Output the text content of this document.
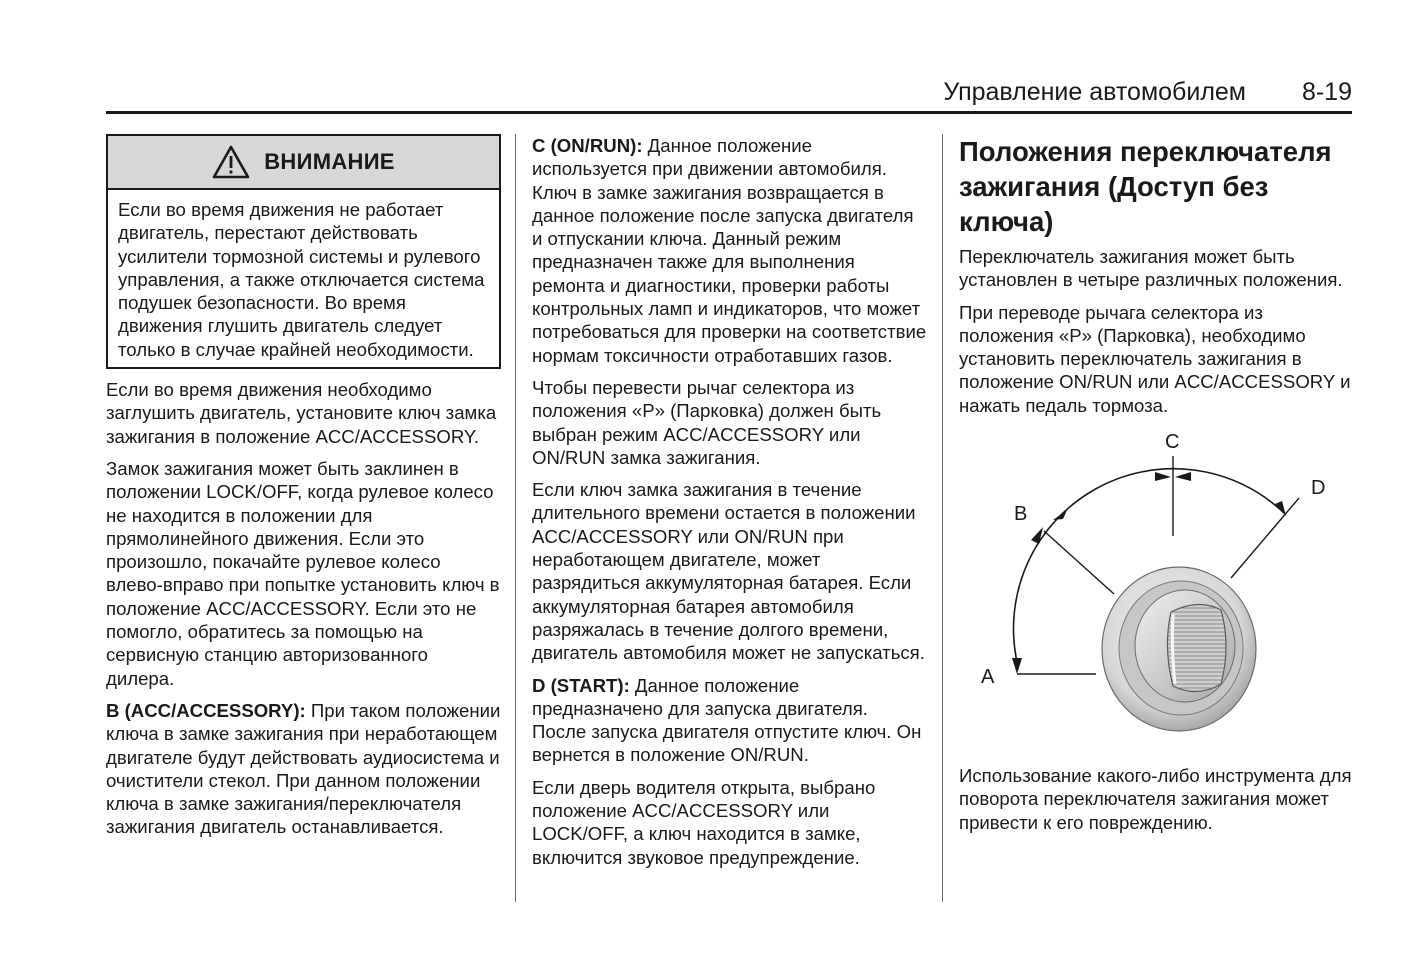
Управление автомобилем 8-19
ВНИМАНИЕ
Если во время движения не работает двигатель, перестают действовать усилители тормозной системы и рулевого управления, а также отключается система подушек безопасности. Во время движения глушить двигатель следует только в случае крайней необходимости.

Если во время движения необходимо заглушить двигатель, установите ключ замка зажигания в положение ACC/ACCESSORY.

Замок зажигания может быть заклинен в положении LOCK/OFF, когда рулевое колесо не находится в положении для прямолинейного движения. Если это произошло, покачайте рулевое колесо влево-вправо при попытке установить ключ в положение ACC/ACCESSORY. Если это не помогло, обратитесь за помощью на сервисную станцию авторизованного дилера.

B (ACC/ACCESSORY): При таком положении ключа в замке зажигания при неработающем двигателе будут действовать аудиосистема и очистители стекол. При данном положении ключа в замке зажигания/переключателя зажигания двигатель останавливается.

C (ON/RUN): Данное положение используется при движении автомобиля. Ключ в замке зажигания возвращается в данное положение после запуска двигателя и отпускании ключа. Данный режим предназначен также для выполнения ремонта и диагностики, проверки работы контрольных ламп и индикаторов, что может потребоваться для проверки на соответствие нормам токсичности отработавших газов.

Чтобы перевести рычаг селектора из положения «P» (Парковка) должен быть выбран режим ACC/ACCESSORY или ON/RUN замка зажигания.

Если ключ замка зажигания в течение длительного времени остается в положении ACC/ACCESSORY или ON/RUN при неработающем двигателе, может разрядиться аккумуляторная батарея. Если аккумуляторная батарея автомобиля разряжалась в течение долгого времени, двигатель автомобиля может не запускаться.

D (START): Данное положение предназначено для запуска двигателя. После запуска двигателя отпустите ключ. Он вернется в положение ON/RUN.

Если дверь водителя открыта, выбрано положение ACC/ACCESSORY или LOCK/OFF, а ключ находится в замке, включится звуковое предупреждение.

Положения переключателя зажигания (Доступ без ключа)

Переключатель зажигания может быть установлен в четыре различных положения.

При переводе рычага селектора из положения «P» (Парковка), необходимо установить переключатель зажигания в положение ON/RUN или ACC/ACCESSORY и нажать педаль тормоза.

A
B
C
D

Использование какого-либо инструмента для поворота переключателя зажигания может привести к его повреждению.
